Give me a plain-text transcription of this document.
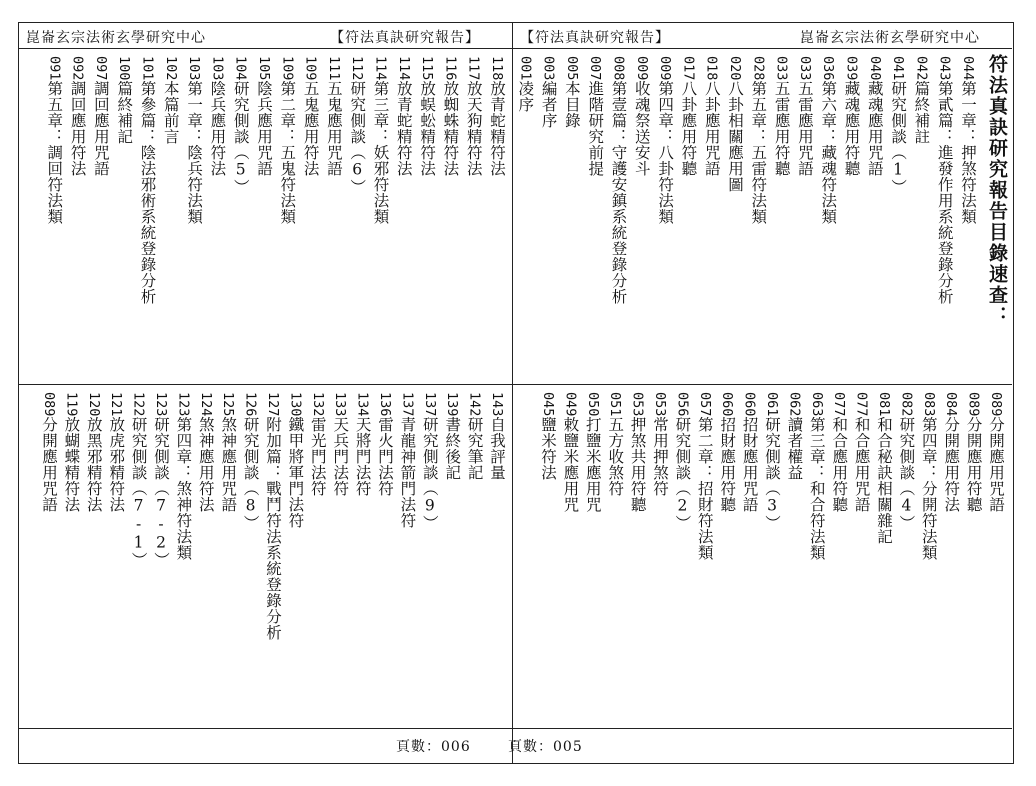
崑崙玄宗法術玄學研究中心	【符法真訣研究報告】
頁數：006
118放青蛇精符法
117放天狗精符法
116放蜘蛛精符法
115放蜈蚣精符法
114放青蛇精符法
114第三章：妖邪符法類
112研究側談（6）
111五鬼應用咒語
109五鬼應用符法
109第二章：五鬼符法類
105陰兵應用咒語
104研究側談（5）
103陰兵應用符法
103第一章：陰兵符法類
102本篇前言
101第參篇：陰法邪術系統登錄分析
100篇終補記
097調回應用咒語
092調回應用符法
091第五章：調回符法類
143自我評量
142研究筆記
139書終後記
137研究側談（9）
137青龍神箭門法符
136雷火門法符
134天將門法符
133天兵門法符
132雷光門法符
130鐵甲將軍門法符
127附加篇：戰鬥符法系統登錄分析
126研究側談（8）
125煞神應用咒語
124煞神應用符法
123第四章：煞神符法類
123研究側談（7-2）
122研究側談（7-1）
121放虎邪精符法
120放黑邪精符法
119放蝴蝶精符法
089分開應用咒語
【符法真訣研究報告】	崑崙玄宗法術玄學研究中心
頁數：005
符法真訣研究報告目錄速查：
044第一章：押煞符法類
043第貳篇：進發作用系統登錄分析
042篇終補註
041研究側談（1）
040藏魂應用咒語
039藏魂應用符聽
036第六章：藏魂符法類
033五雷應用咒語
033五雷應用符聽
028第五章：五雷符法類
020八卦相關應用圖
018八卦應用咒語
017八卦應用符聽
009第四章：八卦符法類
009收魂祭送安斗
008第壹篇：守護安鎮系統登錄分析
007進階研究前提
005本目錄
003編者序
001凌序
089分開應用咒語
089分開應用符聽
084分開應用符法
083第四章：分開符法類
082研究側談（4）
081和合秘訣相關雜記
077和合應用咒語
077和合應用符聽
063第三章：和合符法類
062讀者權益
061研究側談（3）
060招財應用咒語
060招財應用符聽
057第二章：招財符法類
056研究側談（2）
053常用押煞符
053押煞共用符聽
051五方收煞符
050打鹽米應用咒
049敕鹽米應用咒
045鹽米符法
